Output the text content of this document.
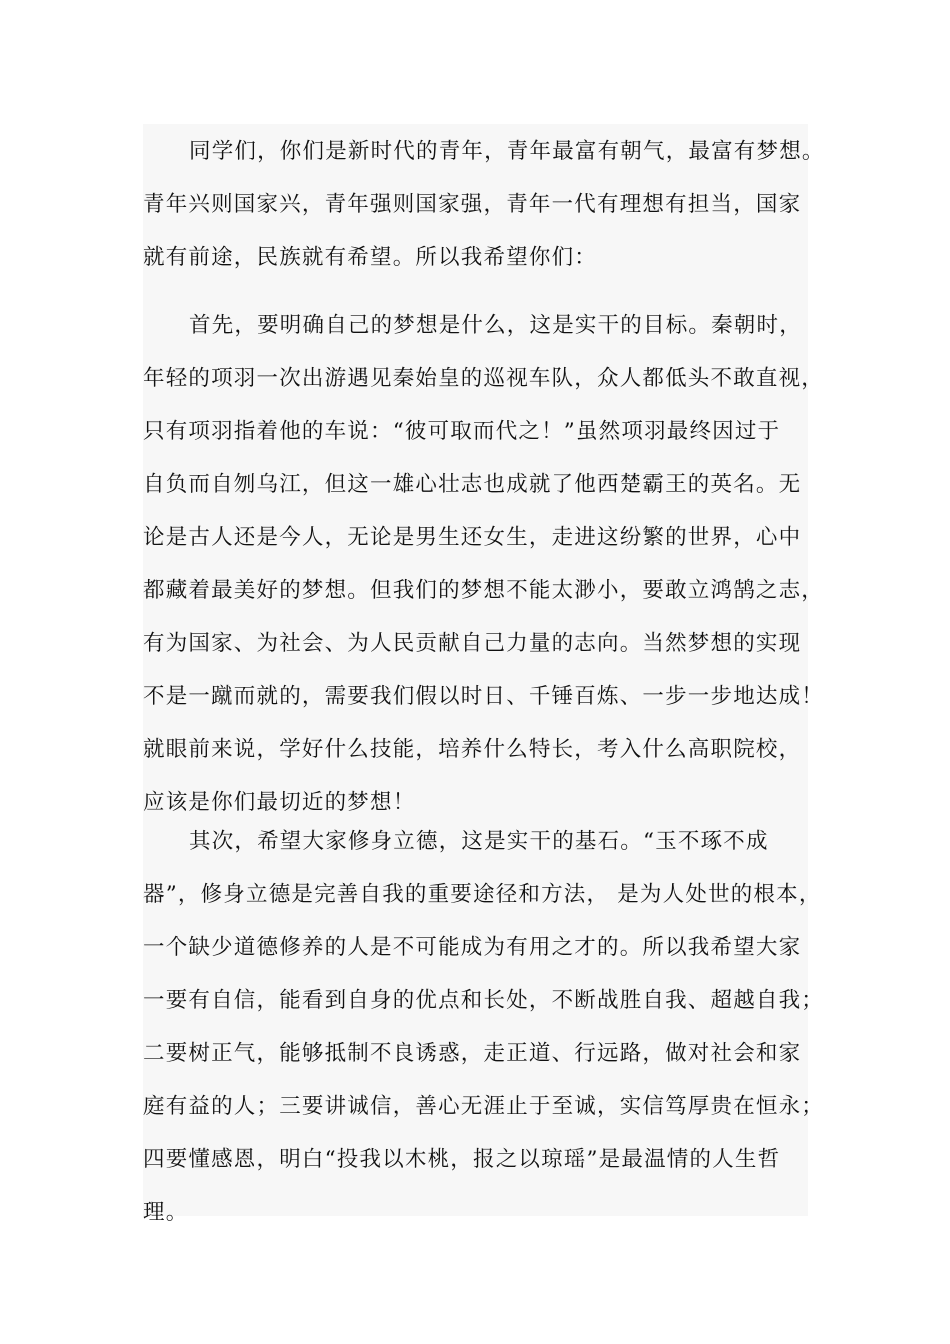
同学们，你们是新时代的青年，青年最富有朝气，最富有梦想。
青年兴则国家兴，青年强则国家强，青年一代有理想有担当，国家
就有前途，民族就有希望。所以我希望你们：
首先，要明确自己的梦想是什么，这是实干的目标。秦朝时，
年轻的项羽一次出游遇见秦始皇的巡视车队，众人都低头不敢直视，
只有项羽指着他的车说：“彼可取而代之！”虽然项羽最终因过于
自负而自刎乌江，但这一雄心壮志也成就了他西楚霸王的英名。无
论是古人还是今人，无论是男生还女生，走进这纷繁的世界，心中
都藏着最美好的梦想。但我们的梦想不能太渺小，要敢立鸿鹄之志，
有为国家、为社会、为人民贡献自己力量的志向。当然梦想的实现
不是一蹴而就的，需要我们假以时日、千锤百炼、一步一步地达成！
就眼前来说，学好什么技能，培养什么特长，考入什么高职院校，
应该是你们最切近的梦想！
其次，希望大家修身立德，这是实干的基石。“玉不琢不成
器”，修身立德是完善自我的重要途径和方法， 是为人处世的根本，
一个缺少道德修养的人是不可能成为有用之才的。所以我希望大家
一要有自信，能看到自身的优点和长处，不断战胜自我、超越自我；
二要树正气，能够抵制不良诱惑，走正道、行远路，做对社会和家
庭有益的人；三要讲诚信，善心无涯止于至诚，实信笃厚贵在恒永；
四要懂感恩，明白“投我以木桃，报之以琼瑶”是最温情的人生哲
理。
